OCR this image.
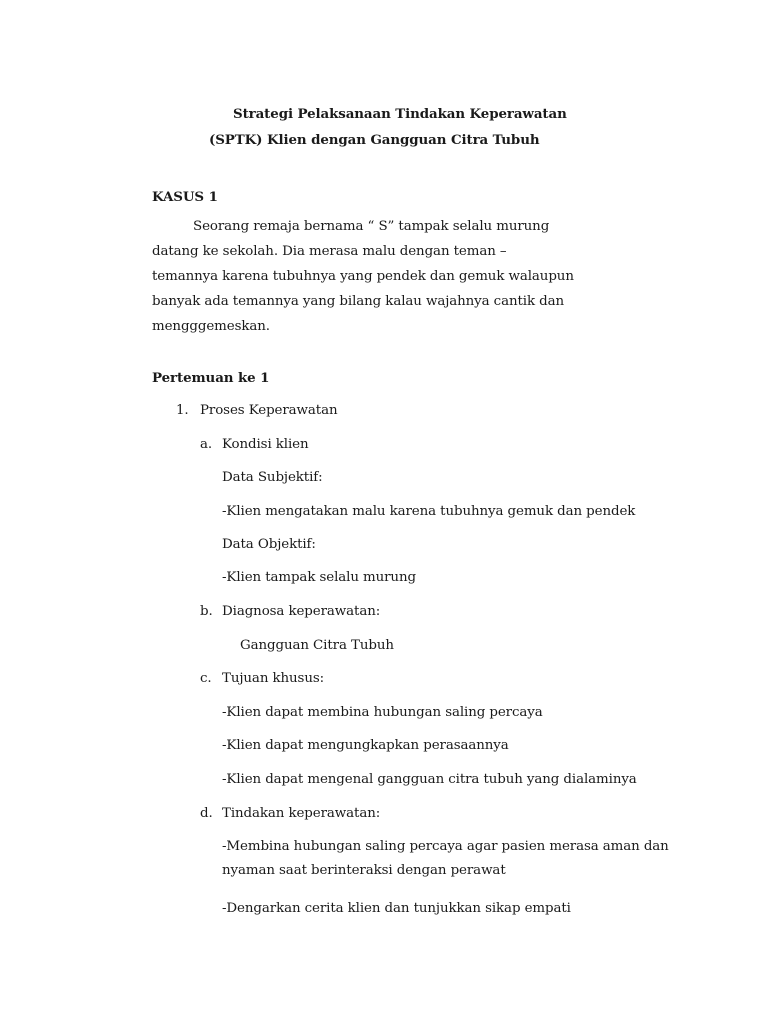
Strategi Pelaksanaan Tindakan Keperawatan
(SPTK) Klien dengan Gangguan Citra Tubuh
KASUS 1
Seorang remaja bernama “ S” tampak selalu murung
datang ke sekolah. Dia merasa malu dengan teman –
temannya karena tubuhnya yang pendek dan gemuk walaupun
banyak ada temannya yang bilang kalau wajahnya cantik dan
mengggemeskan.
Pertemuan ke 1
1. Proses Keperawatan
a. Kondisi klien
Data Subjektif:
-Klien mengatakan malu karena tubuhnya gemuk dan pendek
Data Objektif:
-Klien tampak selalu murung
b. Diagnosa keperawatan:
Gangguan Citra Tubuh
c. Tujuan khusus:
-Klien dapat membina hubungan saling percaya
-Klien dapat mengungkapkan perasaannya
-Klien dapat mengenal gangguan citra tubuh yang dialaminya
d. Tindakan keperawatan:
-Membina hubungan saling percaya agar pasien merasa aman dan
nyaman saat berinteraksi dengan perawat
-Dengarkan cerita klien dan tunjukkan sikap empati
